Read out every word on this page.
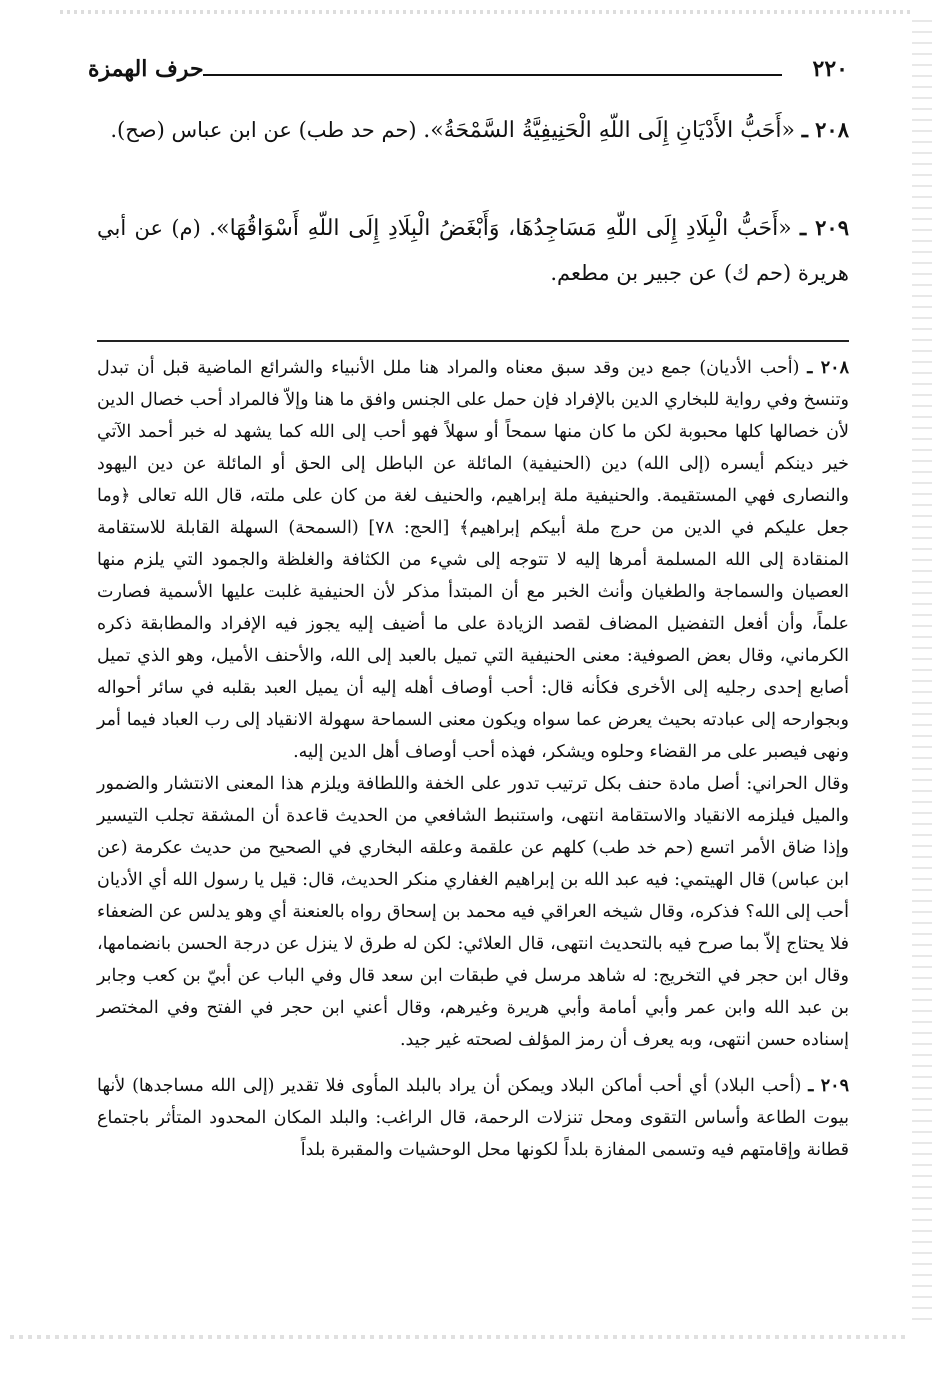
٢٢٠
حرف الهمزة
٢٠٨ ـ «أَحَبُّ الأَدْيَانِ إِلَى اللّهِ الْحَنِيفِيَّةُ السَّمْحَةُ». (حم حد طب) عن ابن عباس (صح).
٢٠٩ ـ «أَحَبُّ الْبِلَادِ إِلَى اللّهِ مَسَاجِدُهَا، وَأَبْغَضُ الْبِلَادِ إِلَى اللّهِ أَسْوَاقُهَا». (م) عن أبي هريرة (حم ك) عن جبير بن مطعم.

٢٠٨ ـ (أحب الأديان) جمع دين وقد سبق معناه والمراد هنا ملل الأنبياء والشرائع الماضية قبل أن تبدل وتنسخ وفي رواية للبخاري الدين بالإفراد فإن حمل على الجنس وافق ما هنا وإلاّ فالمراد أحب خصال الدين لأن خصالها كلها محبوبة لكن ما كان منها سمحاً أو سهلاً فهو أحب إلى الله كما يشهد له خبر أحمد الآتي خير دينكم أيسره (إلى الله) دين (الحنيفية) المائلة عن الباطل إلى الحق أو المائلة عن دين اليهود والنصارى فهي المستقيمة. والحنيفية ملة إبراهيم، والحنيف لغة من كان على ملته، قال الله تعالى ﴿وما جعل عليكم في الدين من حرج ملة أبيكم إبراهيم﴾ [الحج: ٧٨] (السمحة) السهلة القابلة للاستقامة المنقادة إلى الله المسلمة أمرها إليه لا تتوجه إلى شيء من الكثافة والغلظة والجمود التي يلزم منها العصيان والسماجة والطغيان وأنث الخبر مع أن المبتدأ مذكر لأن الحنيفية غلبت عليها الأسمية فصارت علماً، وأن أفعل التفضيل المضاف لقصد الزيادة على ما أضيف إليه يجوز فيه الإفراد والمطابقة ذكره الكرماني، وقال بعض الصوفية: معنى الحنيفية التي تميل بالعبد إلى الله، والأحنف الأميل، وهو الذي تميل أصابع إحدى رجليه إلى الأخرى فكأنه قال: أحب أوصاف أهله إليه أن يميل العبد بقلبه في سائر أحواله وبجوارحه إلى عبادته بحيث يعرض عما سواه ويكون معنى السماحة سهولة الانقياد إلى رب العباد فيما أمر ونهى فيصبر على مر القضاء وحلوه ويشكر، فهذه أحب أوصاف أهل الدين إليه.

وقال الحراني: أصل مادة حنف بكل ترتيب تدور على الخفة واللطافة ويلزم هذا المعنى الانتشار والضمور والميل فيلزمه الانقياد والاستقامة انتهى، واستنبط الشافعي من الحديث قاعدة أن المشقة تجلب التيسير وإذا ضاق الأمر اتسع (حم خد طب) كلهم عن علقمة وعلقه البخاري في الصحيح من حديث عكرمة (عن ابن عباس) قال الهيتمي: فيه عبد الله بن إبراهيم الغفاري منكر الحديث، قال: قيل يا رسول الله أي الأديان أحب إلى الله؟ فذكره، وقال شيخه العراقي فيه محمد بن إسحاق رواه بالعنعنة أي وهو يدلس عن الضعفاء فلا يحتاج إلاّ بما صرح فيه بالتحديث انتهى، قال العلائي: لكن له طرق لا ينزل عن درجة الحسن بانضمامها، وقال ابن حجر في التخريج: له شاهد مرسل في طبقات ابن سعد قال وفي الباب عن أبيّ بن كعب وجابر بن عبد الله وابن عمر وأبي أمامة وأبي هريرة وغيرهم، وقال أعني ابن حجر في الفتح وفي المختصر إسناده حسن انتهى، وبه يعرف أن رمز المؤلف لصحته غير جيد.

٢٠٩ ـ (أحب البلاد) أي أحب أماكن البلاد ويمكن أن يراد بالبلد المأوى فلا تقدير (إلى الله مساجدها) لأنها بيوت الطاعة وأساس التقوى ومحل تنزلات الرحمة، قال الراغب: والبلد المكان المحدود المتأثر باجتماع قطانة وإقامتهم فيه وتسمى المفازة بلداً لكونها محل الوحشيات والمقبرة بلداً
